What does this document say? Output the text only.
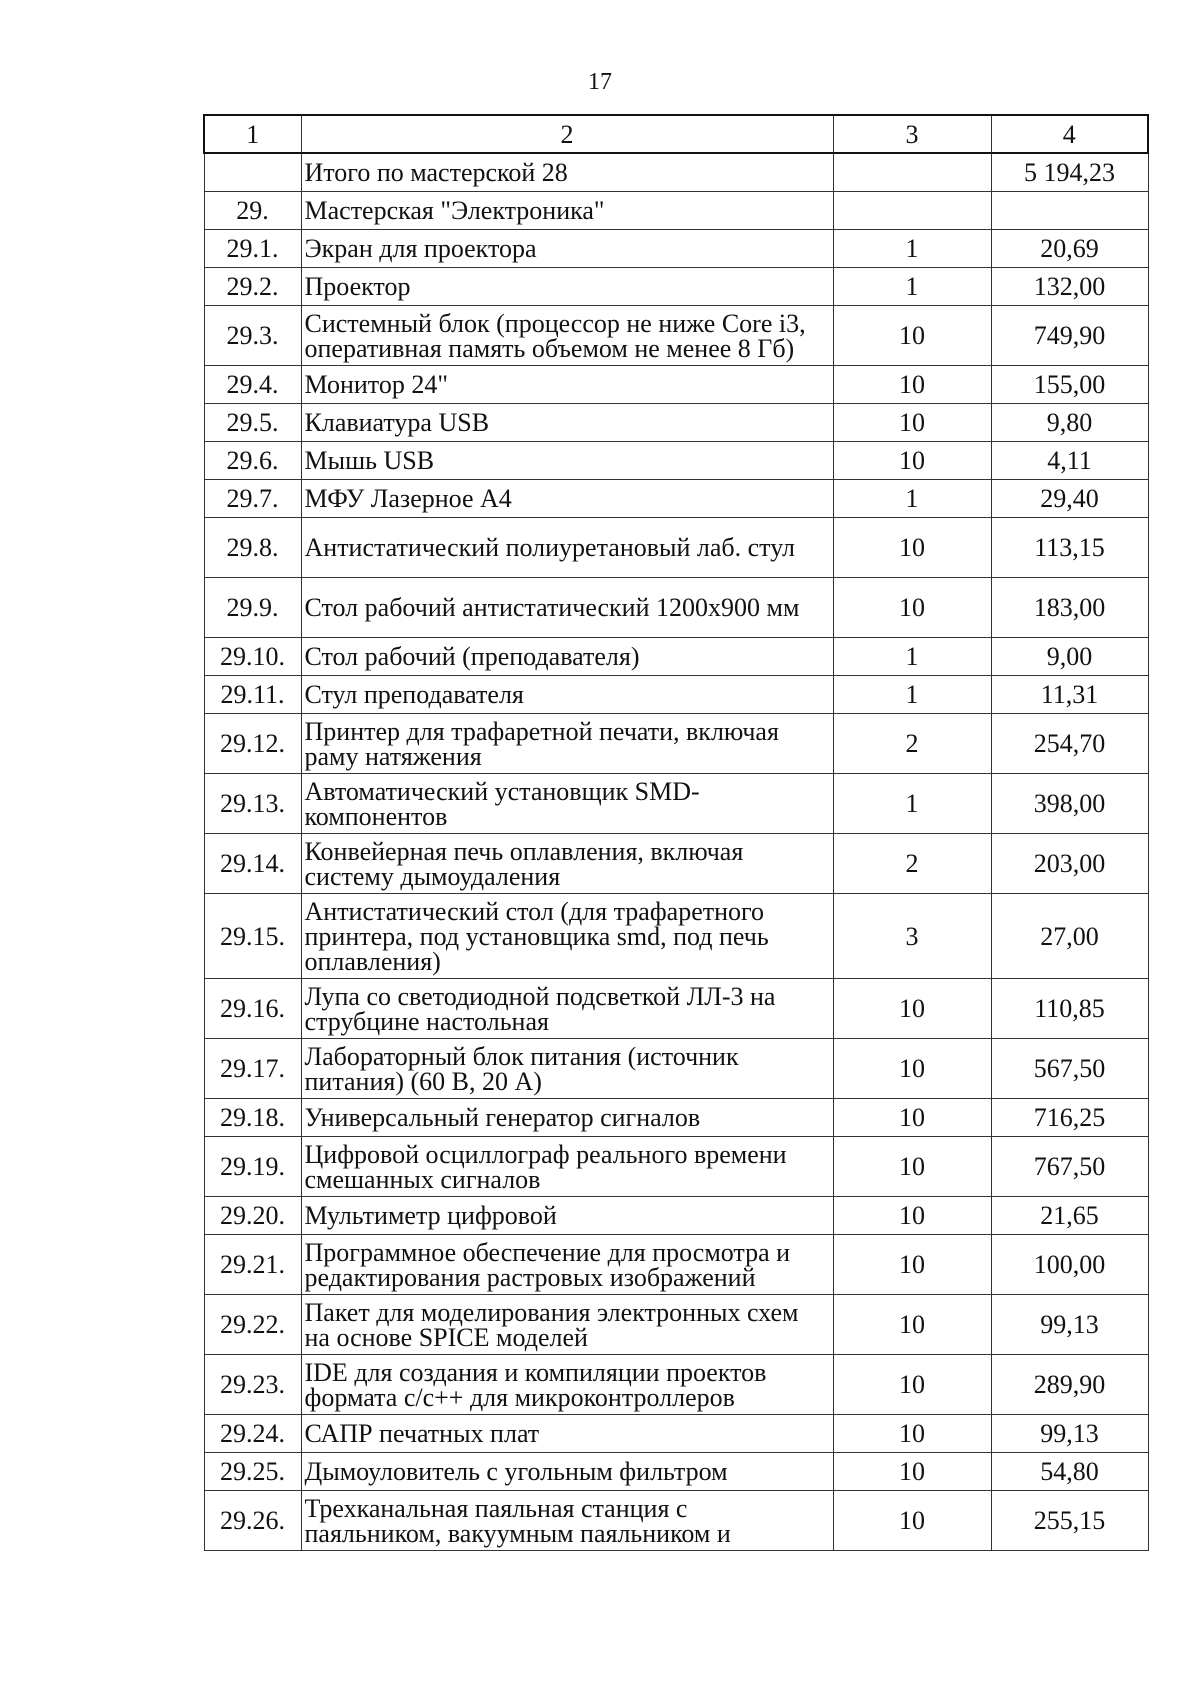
17
1	2	3	4
	Итого по мастерской 28		5 194,23
29.	Мастерская "Электроника"		
29.1.	Экран для проектора	1	20,69
29.2.	Проектор	1	132,00
29.3.	Системный блок (процессор не ниже Core i3, оперативная память объемом не менее 8 Гб)	10	749,90
29.4.	Монитор 24"	10	155,00
29.5.	Клавиатура USB	10	9,80
29.6.	Мышь USB	10	4,11
29.7.	МФУ Лазерное А4	1	29,40
29.8.	Антистатический полиуретановый лаб. стул	10	113,15
29.9.	Стол рабочий антистатический 1200х900 мм	10	183,00
29.10.	Стол рабочий (преподавателя)	1	9,00
29.11.	Стул преподавателя	1	11,31
29.12.	Принтер для трафаретной печати, включая раму натяжения	2	254,70
29.13.	Автоматический установщик SMD-компонентов	1	398,00
29.14.	Конвейерная печь оплавления, включая систему дымоудаления	2	203,00
29.15.	Антистатический стол (для трафаретного принтера, под установщика smd, под печь оплавления)	3	27,00
29.16.	Лупа со светодиодной подсветкой ЛЛ-3 на струбцине настольная	10	110,85
29.17.	Лабораторный блок питания (источник питания) (60 В, 20 А)	10	567,50
29.18.	Универсальный генератор сигналов	10	716,25
29.19.	Цифровой осциллограф реального времени смешанных сигналов	10	767,50
29.20.	Мультиметр цифровой	10	21,65
29.21.	Программное обеспечение для просмотра и редактирования растровых изображений	10	100,00
29.22.	Пакет для моделирования электронных схем на основе SPICE моделей	10	99,13
29.23.	IDE для создания и компиляции проектов формата с/с++ для микроконтроллеров	10	289,90
29.24.	САПР печатных плат	10	99,13
29.25.	Дымоуловитель с угольным фильтром	10	54,80
29.26.	Трехканальная паяльная станция с паяльником, вакуумным паяльником и	10	255,15
